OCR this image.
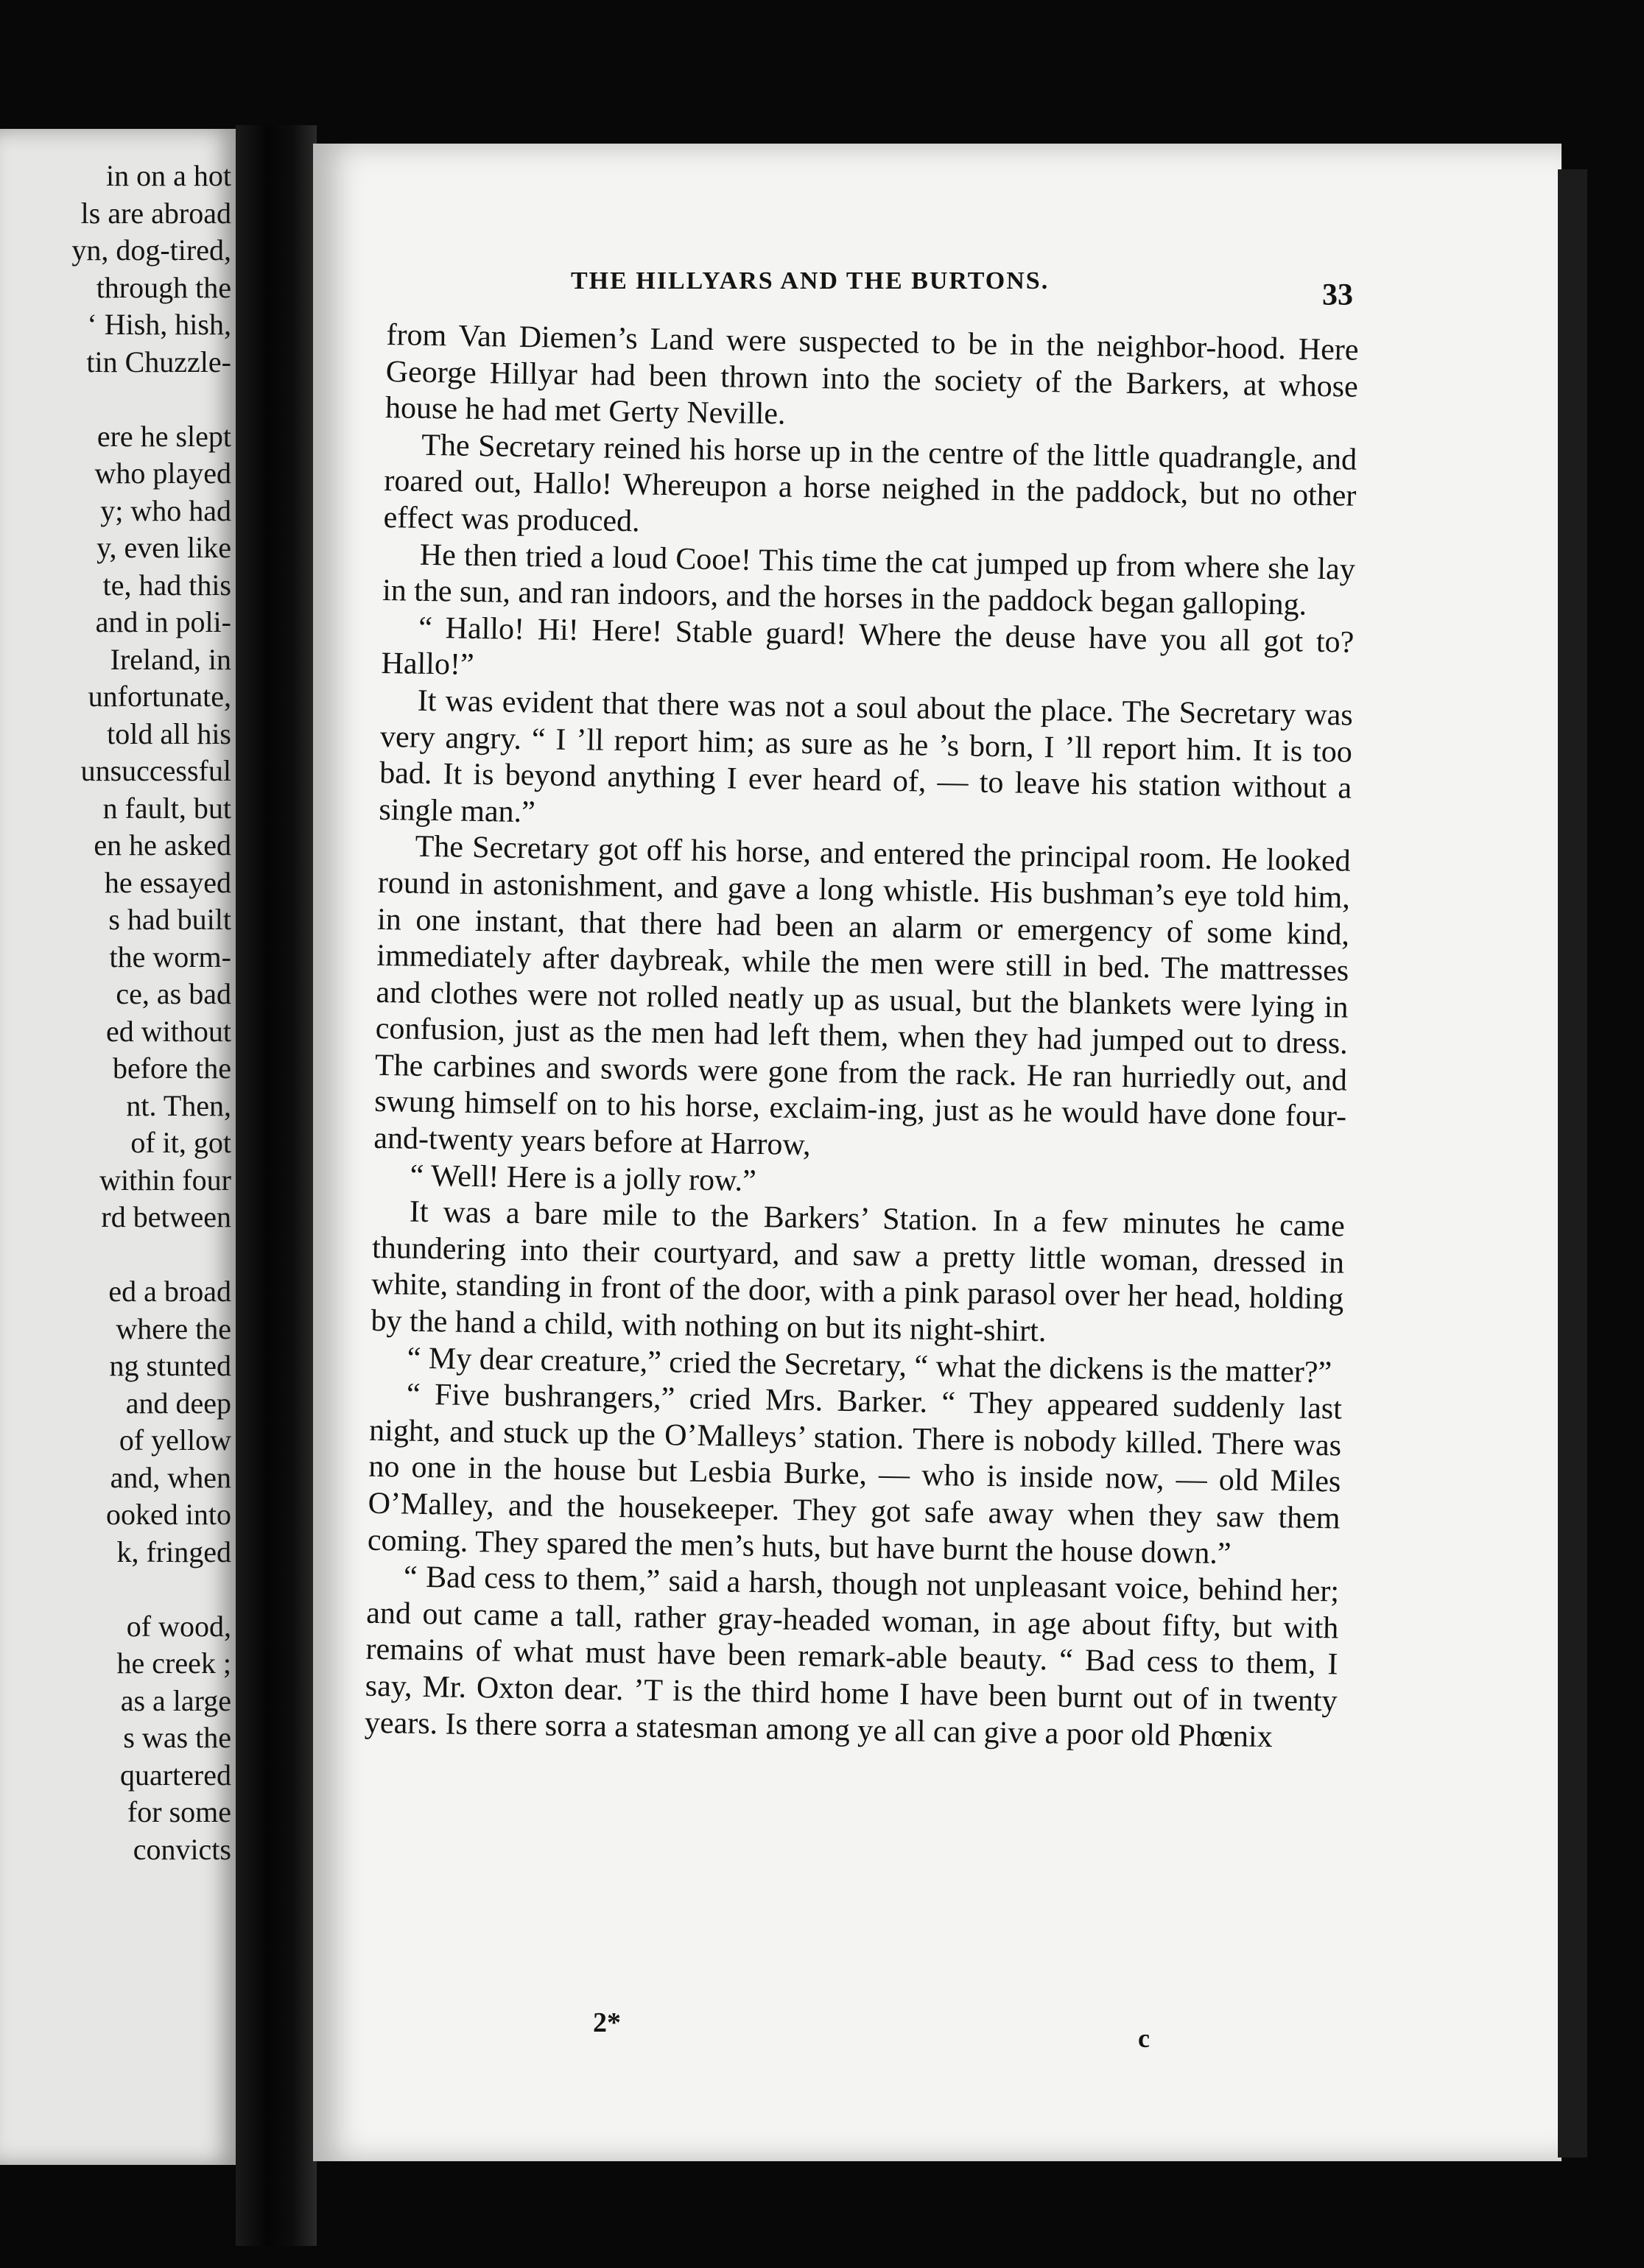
in on a hot
ls are abroad
yn, dog-tired,
through the
‘ Hish, hish,
tin Chuzzle-
ere he slept
who played
y; who had
y, even like
te, had this
and in poli-
Ireland, in
unfortunate,
told all his
unsuccessful
n fault, but
en he asked
he essayed
s had built
the worm-
ce, as bad
ed without
before the
nt. Then,
of it, got
within four
rd between
ed a broad
where the
ng stunted
and deep
of yellow
and, when
ooked into
k, fringed
of wood,
he creek ;
as a large
s was the
quartered
for some
convicts
THE HILLYARS AND THE BURTONS.	33

from Van Diemen’s Land were suspected to be in the neighbor-hood. Here George Hillyar had been thrown into the society of the Barkers, at whose house he had met Gerty Neville.

The Secretary reined his horse up in the centre of the little quadrangle, and roared out, Hallo! Whereupon a horse neighed in the paddock, but no other effect was produced.

He then tried a loud Cooe! This time the cat jumped up from where she lay in the sun, and ran indoors, and the horses in the paddock began galloping.

“ Hallo! Hi! Here! Stable guard! Where the deuse have you all got to? Hallo!”

It was evident that there was not a soul about the place. The Secretary was very angry. “ I ’ll report him; as sure as he ’s born, I ’ll report him. It is too bad. It is beyond anything I ever heard of, — to leave his station without a single man.”

The Secretary got off his horse, and entered the principal room. He looked round in astonishment, and gave a long whistle. His bushman’s eye told him, in one instant, that there had been an alarm or emergency of some kind, immediately after daybreak, while the men were still in bed. The mattresses and clothes were not rolled neatly up as usual, but the blankets were lying in confusion, just as the men had left them, when they had jumped out to dress. The carbines and swords were gone from the rack. He ran hurriedly out, and swung himself on to his horse, exclaim-ing, just as he would have done four-and-twenty years before at Harrow,

“ Well! Here is a jolly row.”

It was a bare mile to the Barkers’ Station. In a few minutes he came thundering into their courtyard, and saw a pretty little woman, dressed in white, standing in front of the door, with a pink parasol over her head, holding by the hand a child, with nothing on but its night-shirt.

“ My dear creature,” cried the Secretary, “ what the dickens is the matter?”

“ Five bushrangers,” cried Mrs. Barker. “ They appeared suddenly last night, and stuck up the O’Malleys’ station. There is nobody killed. There was no one in the house but Lesbia Burke, — who is inside now, — old Miles O’Malley, and the housekeeper. They got safe away when they saw them coming. They spared the men’s huts, but have burnt the house down.”

“ Bad cess to them,” said a harsh, though not unpleasant voice, behind her; and out came a tall, rather gray-headed woman, in age about fifty, but with remains of what must have been remark-able beauty. “ Bad cess to them, I say, Mr. Oxton dear. ’T is the third home I have been burnt out of in twenty years. Is there sorra a statesman among ye all can give a poor old Phœnix

2*	c
